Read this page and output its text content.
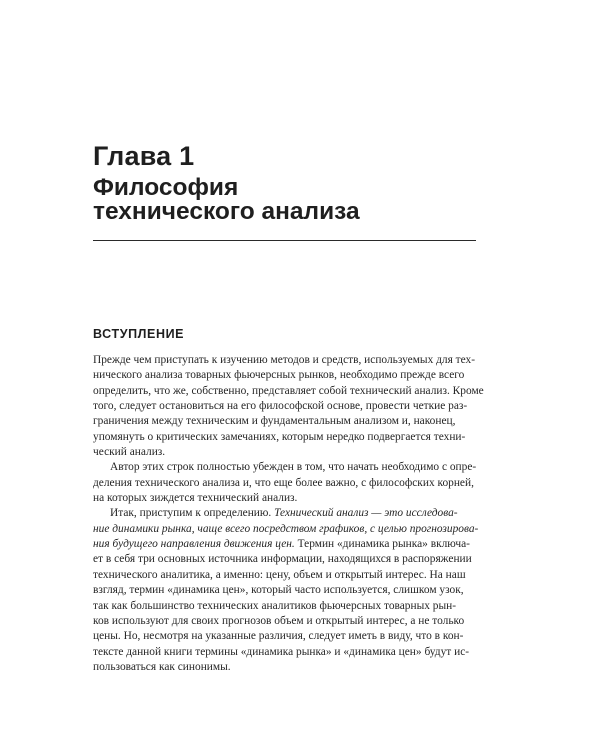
Глава 1
Философия
технического анализа
ВСТУПЛЕНИЕ
Прежде чем приступать к изучению методов и средств, используемых для тех-
нического анализа товарных фьючерсных рынков, необходимо прежде всего
определить, что же, собственно, представляет собой технический анализ. Кроме
того, следует остановиться на его философской основе, провести четкие раз-
граничения между техническим и фундаментальным анализом и, наконец,
упомянуть о критических замечаниях, которым нередко подвергается техни-
ческий анализ.
Автор этих строк полностью убежден в том, что начать необходимо с опре-
деления технического анализа и, что еще более важно, с философских корней,
на которых зиждется технический анализ.
Итак, приступим к определению. Технический анализ — это исследова-
ние динамики рынка, чаще всего посредством графиков, с целью прогнозирова-
ния будущего направления движения цен. Термин «динамика рынка» включа-
ет в себя три основных источника информации, находящихся в распоряжении
технического аналитика, а именно: цену, объем и открытый интерес. На наш
взгляд, термин «динамика цен», который часто используется, слишком узок,
так как большинство технических аналитиков фьючерсных товарных рын-
ков используют для своих прогнозов объем и открытый интерес, а не только
цены. Но, несмотря на указанные различия, следует иметь в виду, что в кон-
тексте данной книги термины «динамика рынка» и «динамика цен» будут ис-
пользоваться как синонимы.
